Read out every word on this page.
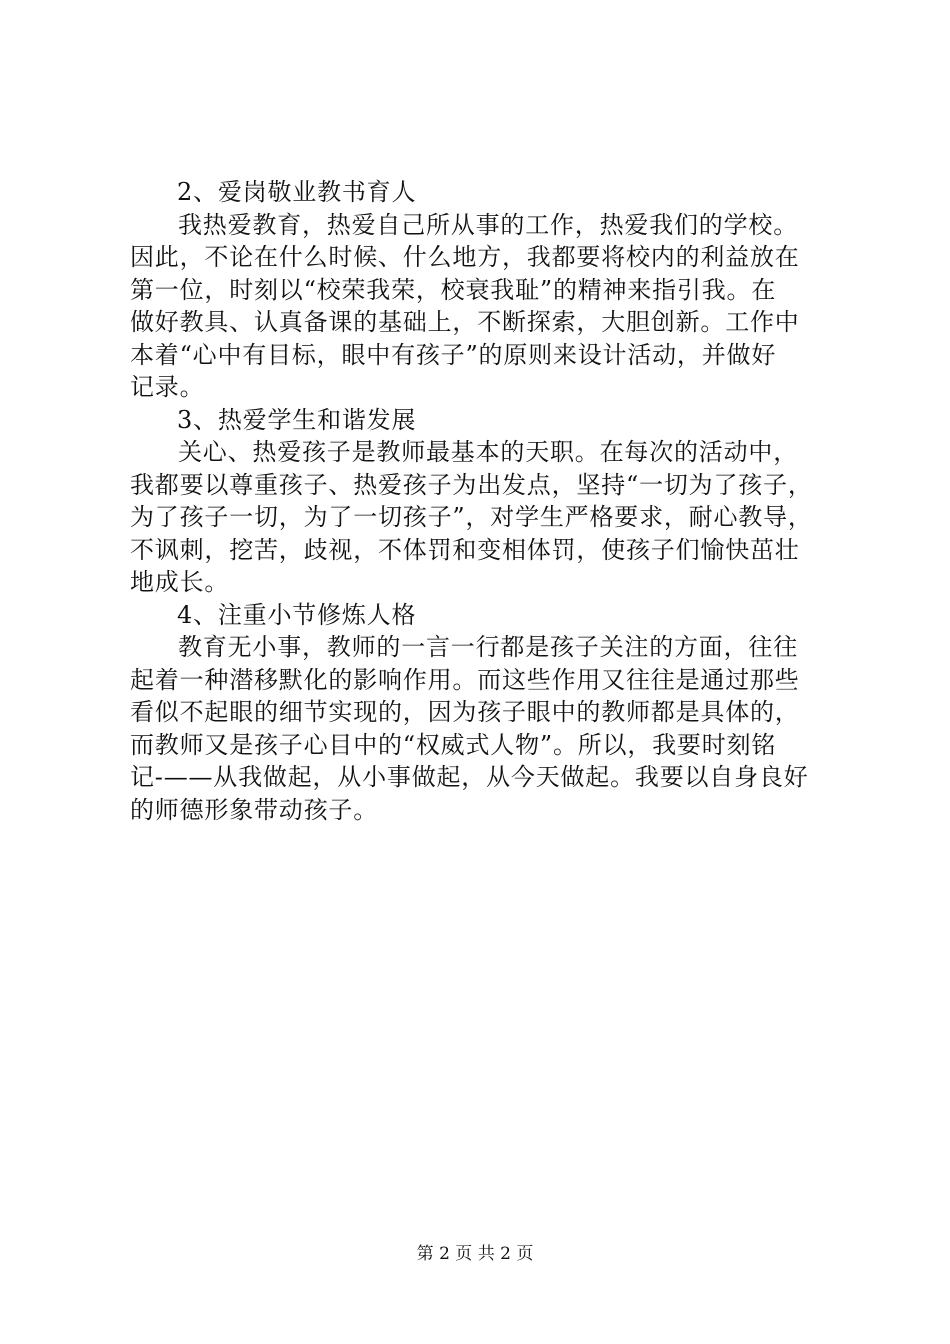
2、爱岗敬业教书育人
我热爱教育，热爱自己所从事的工作，热爱我们的学校。
因此，不论在什么时候、什么地方，我都要将校内的利益放在
第一位，时刻以“校荣我荣，校衰我耻”的精神来指引我。在
做好教具、认真备课的基础上，不断探索，大胆创新。工作中
本着“心中有目标，眼中有孩子”的原则来设计活动，并做好
记录。
3、热爱学生和谐发展
关心、热爱孩子是教师最基本的天职。在每次的活动中，
我都要以尊重孩子、热爱孩子为出发点，坚持“一切为了孩子，
为了孩子一切，为了一切孩子”，对学生严格要求，耐心教导，
不讽刺，挖苦，歧视，不体罚和变相体罚，使孩子们愉快茁壮
地成长。
4、注重小节修炼人格
教育无小事，教师的一言一行都是孩子关注的方面，往往
起着一种潜移默化的影响作用。而这些作用又往往是通过那些
看似不起眼的细节实现的，因为孩子眼中的教师都是具体的，
而教师又是孩子心目中的“权威式人物”。所以，我要时刻铭
记-——从我做起，从小事做起，从今天做起。我要以自身良好
的师德形象带动孩子。
第 2 页 共 2 页
